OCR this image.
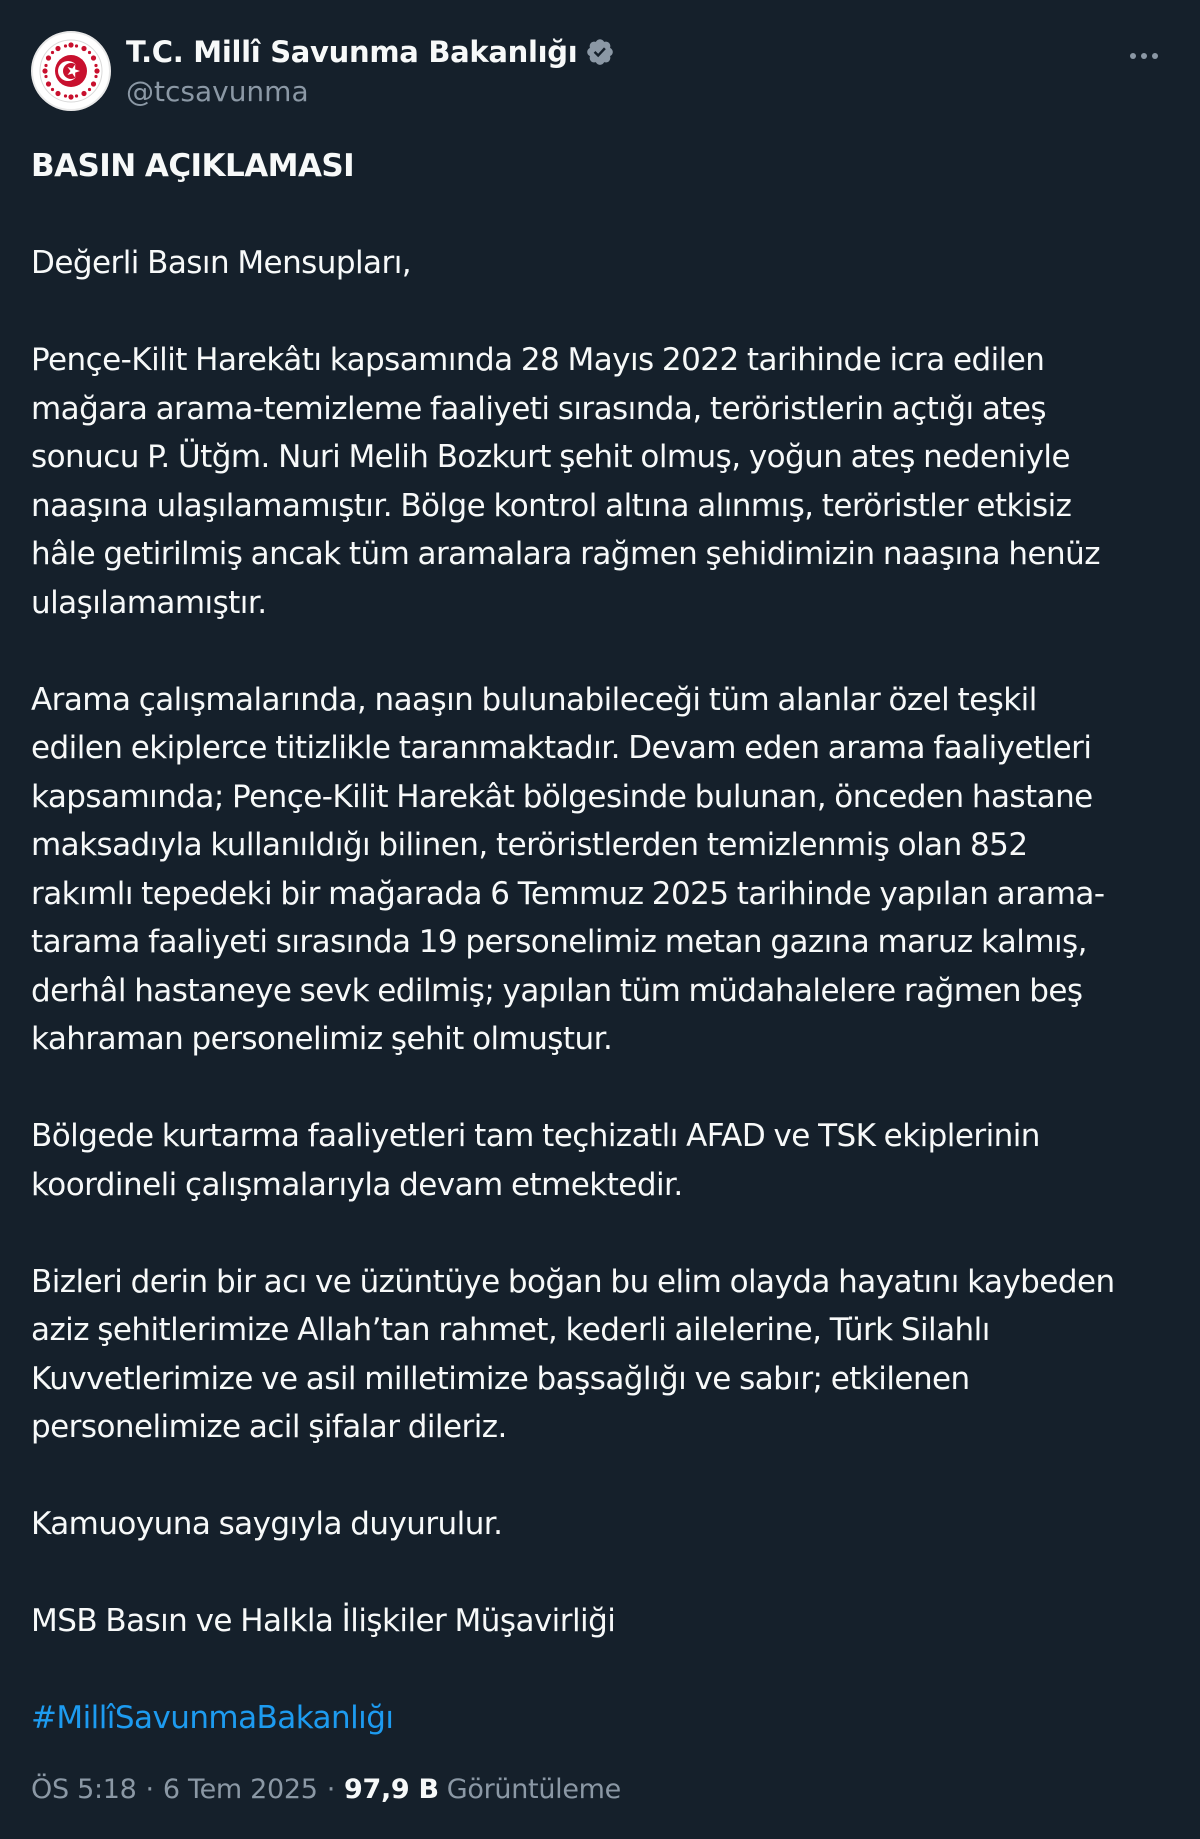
T.C. Millî Savunma Bakanlığı
@tcsavunma

BASIN AÇIKLAMASI

Değerli Basın Mensupları,

Pençe-Kilit Harekâtı kapsamında 28 Mayıs 2022 tarihinde icra edilen

mağara arama-temizleme faaliyeti sırasında, teröristlerin açtığı ateş

sonucu P. Ütğm. Nuri Melih Bozkurt şehit olmuş, yoğun ateş nedeniyle

naaşına ulaşılamamıştır. Bölge kontrol altına alınmış, teröristler etkisiz

hâle getirilmiş ancak tüm aramalara rağmen şehidimizin naaşına henüz

ulaşılamamıştır.

Arama çalışmalarında, naaşın bulunabileceği tüm alanlar özel teşkil

edilen ekiplerce titizlikle taranmaktadır. Devam eden arama faaliyetleri

kapsamında; Pençe-Kilit Harekât bölgesinde bulunan, önceden hastane

maksadıyla kullanıldığı bilinen, teröristlerden temizlenmiş olan 852

rakımlı tepedeki bir mağarada 6 Temmuz 2025 tarihinde yapılan arama-

tarama faaliyeti sırasında 19 personelimiz metan gazına maruz kalmış,

derhâl hastaneye sevk edilmiş; yapılan tüm müdahalelere rağmen beş

kahraman personelimiz şehit olmuştur.

Bölgede kurtarma faaliyetleri tam teçhizatlı AFAD ve TSK ekiplerinin

koordineli çalışmalarıyla devam etmektedir.

Bizleri derin bir acı ve üzüntüye boğan bu elim olayda hayatını kaybeden

aziz şehitlerimize Allah’tan rahmet, kederli ailelerine, Türk Silahlı

Kuvvetlerimize ve asil milletimize başsağlığı ve sabır; etkilenen

personelimize acil şifalar dileriz.

Kamuoyuna saygıyla duyurulur.

MSB Basın ve Halkla İlişkiler Müşavirliği

#MillîSavunmaBakanlığı

ÖS 5:18 · 6 Tem 2025 · 97,9 B Görüntüleme
